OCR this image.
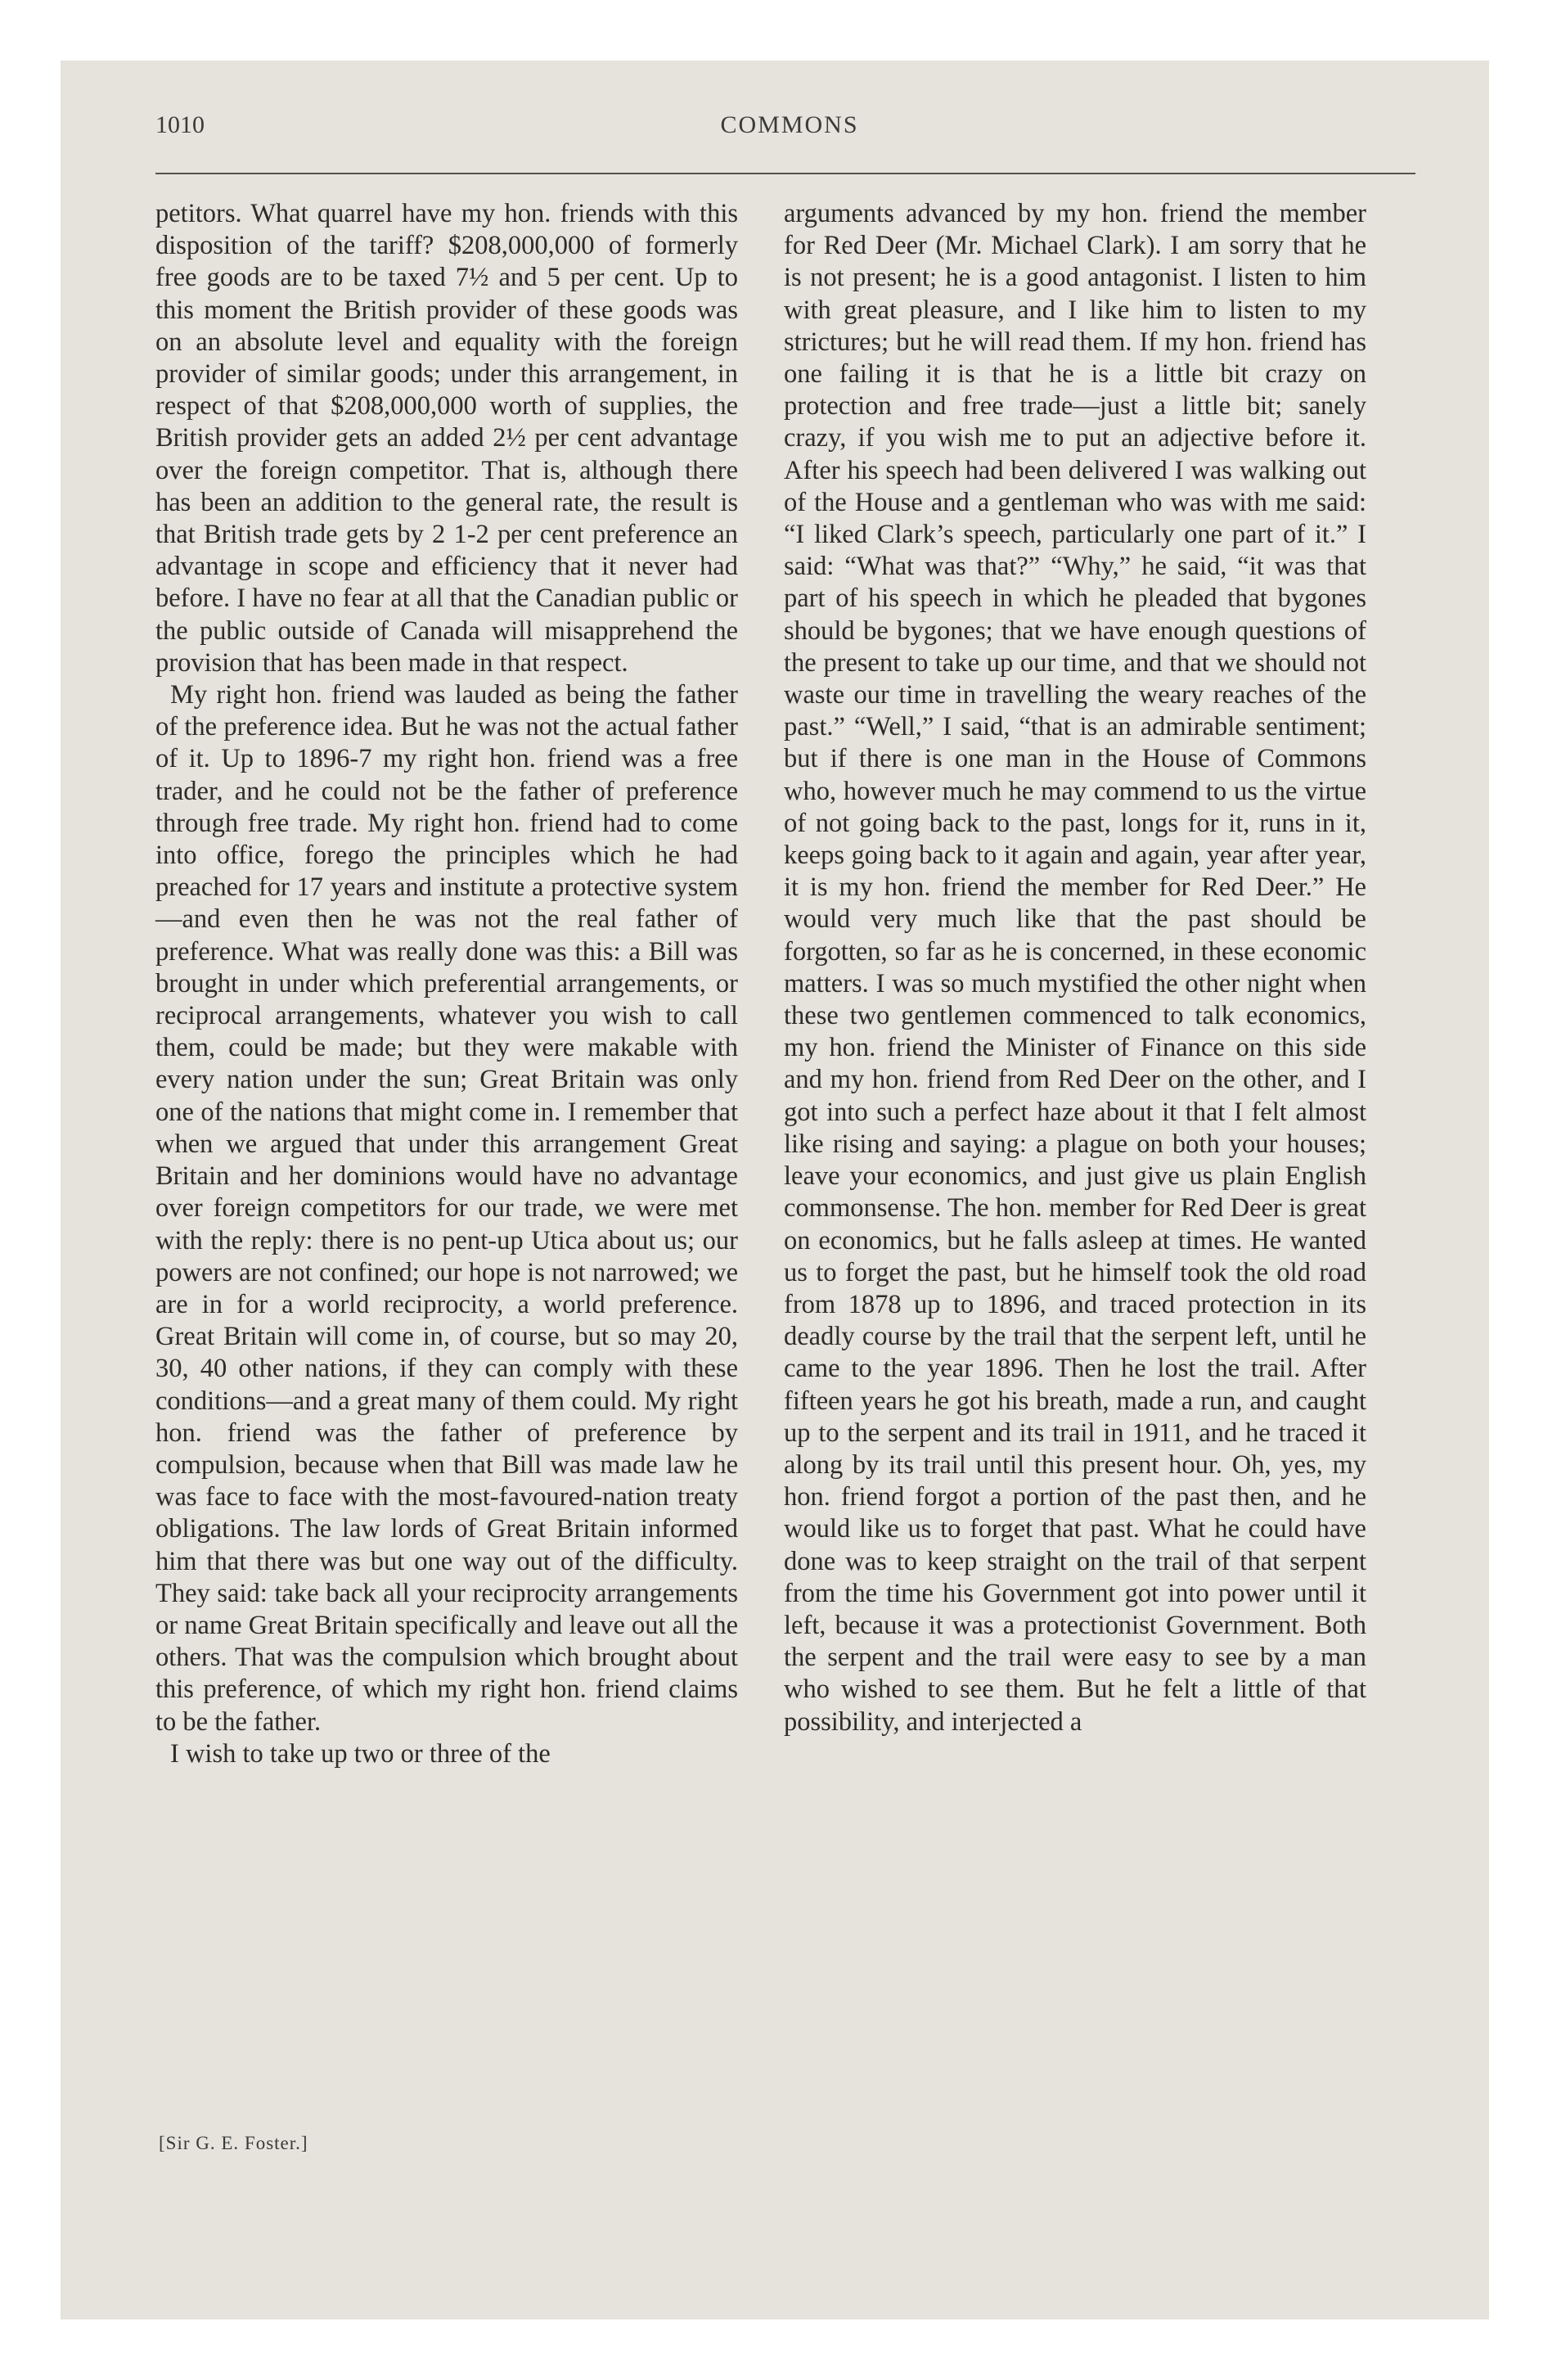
1010	COMMONS

petitors. What quarrel have my hon. friends with this disposition of the tariff? $208,000,000 of formerly free goods are to be taxed 7½ and 5 per cent. Up to this moment the British provider of these goods was on an absolute level and equality with the foreign provider of similar goods; under this arrangement, in respect of that $208,000,000 worth of supplies, the British provider gets an added 2½ per cent advantage over the foreign competitor. That is, although there has been an addition to the general rate, the result is that British trade gets by 2 1-2 per cent preference an advantage in scope and efficiency that it never had before. I have no fear at all that the Canadian public or the public outside of Canada will misapprehend the provision that has been made in that respect.

My right hon. friend was lauded as being the father of the preference idea. But he was not the actual father of it. Up to 1896-7 my right hon. friend was a free trader, and he could not be the father of preference through free trade. My right hon. friend had to come into office, forego the principles which he had preached for 17 years and institute a protective system —and even then he was not the real father of preference. What was really done was this: a Bill was brought in under which preferential arrangements, or reciprocal arrangements, whatever you wish to call them, could be made; but they were makable with every nation under the sun; Great Britain was only one of the nations that might come in. I remember that when we argued that under this arrangement Great Britain and her dominions would have no advantage over foreign competitors for our trade, we were met with the reply: there is no pent-up Utica about us; our powers are not confined; our hope is not narrowed; we are in for a world reciprocity, a world preference. Great Britain will come in, of course, but so may 20, 30, 40 other nations, if they can comply with these conditions—and a great many of them could. My right hon. friend was the father of preference by compulsion, because when that Bill was made law he was face to face with the most-favoured-nation treaty obligations. The law lords of Great Britain informed him that there was but one way out of the difficulty. They said: take back all your reciprocity arrangements or name Great Britain specifically and leave out all the others. That was the compulsion which brought about this preference, of which my right hon. friend claims to be the father.

I wish to take up two or three of the

[Sir G. E. Foster.]

arguments advanced by my hon. friend the member for Red Deer (Mr. Michael Clark). I am sorry that he is not present; he is a good antagonist. I listen to him with great pleasure, and I like him to listen to my strictures; but he will read them. If my hon. friend has one failing it is that he is a little bit crazy on protection and free trade—just a little bit; sanely crazy, if you wish me to put an adjective before it. After his speech had been delivered I was walking out of the House and a gentleman who was with me said: “I liked Clark’s speech, particularly one part of it.” I said: “What was that?” “Why,” he said, “it was that part of his speech in which he pleaded that bygones should be bygones; that we have enough questions of the present to take up our time, and that we should not waste our time in travelling the weary reaches of the past.” “Well,” I said, “that is an admirable sentiment; but if there is one man in the House of Commons who, however much he may commend to us the virtue of not going back to the past, longs for it, runs in it, keeps going back to it again and again, year after year, it is my hon. friend the member for Red Deer.” He would very much like that the past should be forgotten, so far as he is concerned, in these economic matters. I was so much mystified the other night when these two gentlemen commenced to talk economics, my hon. friend the Minister of Finance on this side and my hon. friend from Red Deer on the other, and I got into such a perfect haze about it that I felt almost like rising and saying: a plague on both your houses; leave your economics, and just give us plain English commonsense. The hon. member for Red Deer is great on economics, but he falls asleep at times. He wanted us to forget the past, but he himself took the old road from 1878 up to 1896, and traced protection in its deadly course by the trail that the serpent left, until he came to the year 1896. Then he lost the trail. After fifteen years he got his breath, made a run, and caught up to the serpent and its trail in 1911, and he traced it along by its trail until this present hour. Oh, yes, my hon. friend forgot a portion of the past then, and he would like us to forget that past. What he could have done was to keep straight on the trail of that serpent from the time his Government got into power until it left, because it was a protectionist Government. Both the serpent and the trail were easy to see by a man who wished to see them. But he felt a little of that possibility, and interjected a
